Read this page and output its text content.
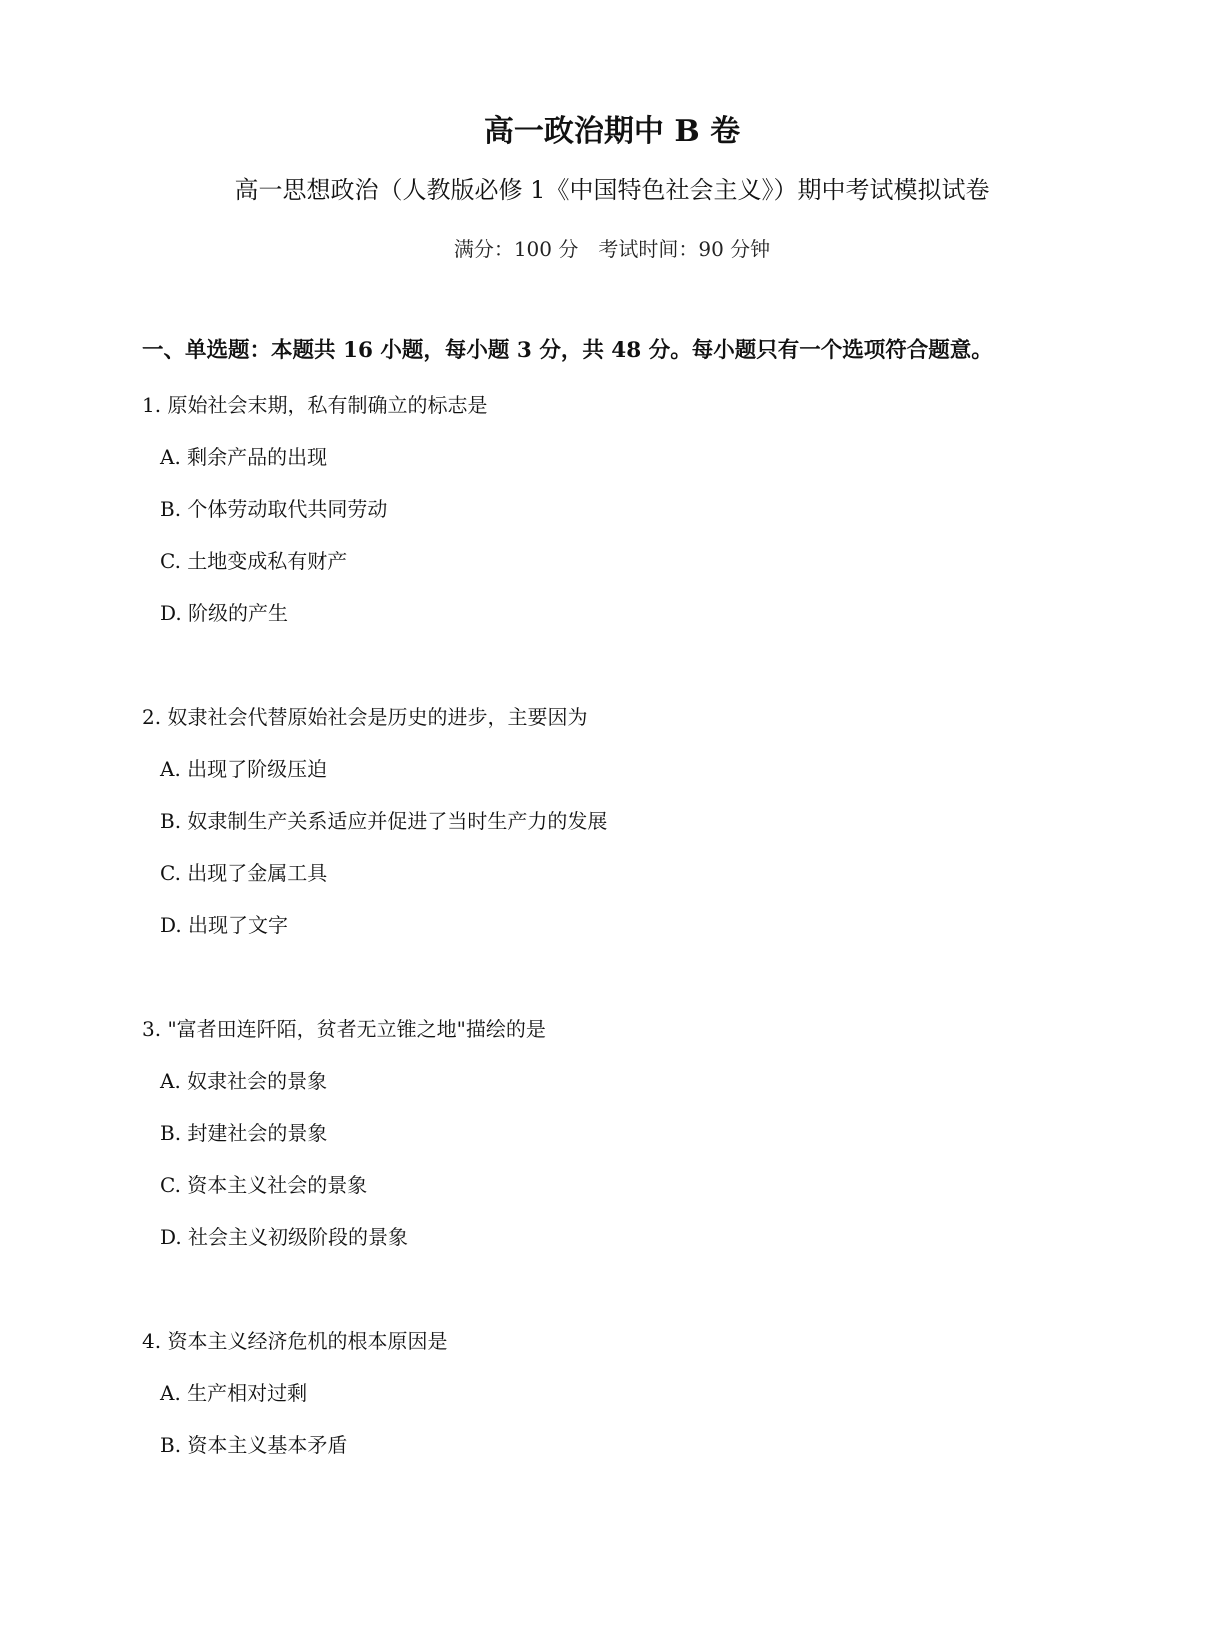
高一政治期中 B 卷
高一思想政治（人教版必修 1《中国特色社会主义》）期中考试模拟试卷
满分：100 分　考试时间：90 分钟
一、单选题：本题共 16 小题，每小题 3 分，共 48 分。每小题只有一个选项符合题意。
1. 原始社会末期，私有制确立的标志是
A. 剩余产品的出现
B. 个体劳动取代共同劳动
C. 土地变成私有财产
D. 阶级的产生
2. 奴隶社会代替原始社会是历史的进步，主要因为
A. 出现了阶级压迫
B. 奴隶制生产关系适应并促进了当时生产力的发展
C. 出现了金属工具
D. 出现了文字
3. "富者田连阡陌，贫者无立锥之地"描绘的是
A. 奴隶社会的景象
B. 封建社会的景象
C. 资本主义社会的景象
D. 社会主义初级阶段的景象
4. 资本主义经济危机的根本原因是
A. 生产相对过剩
B. 资本主义基本矛盾
